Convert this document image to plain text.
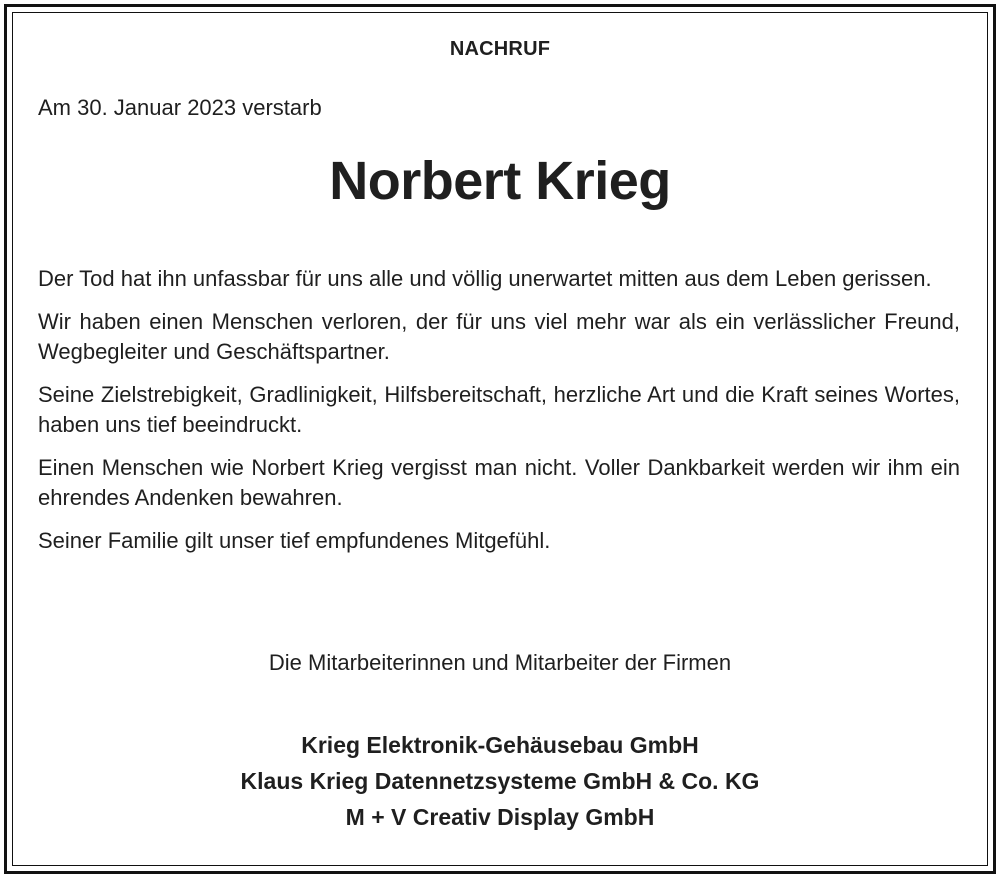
NACHRUF
Am 30. Januar 2023 verstarb
Norbert Krieg

Der Tod hat ihn unfassbar für uns alle und völlig unerwartet mitten aus dem Leben gerissen.

Wir haben einen Menschen verloren, der für uns viel mehr war als ein verlässlicher Freund, Wegbegleiter und Geschäftspartner.

Seine Zielstrebigkeit, Gradlinigkeit, Hilfsbereitschaft, herzliche Art und die Kraft seines Wortes, haben uns tief beeindruckt.

Einen Menschen wie Norbert Krieg vergisst man nicht. Voller Dankbarkeit werden wir ihm ein ehrendes Andenken bewahren.

Seiner Familie gilt unser tief empfundenes Mitgefühl.

Die Mitarbeiterinnen und Mitarbeiter der Firmen
Krieg Elektronik-Gehäusebau GmbH
Klaus Krieg Datennetzsysteme GmbH & Co. KG
M + V Creativ Display GmbH
